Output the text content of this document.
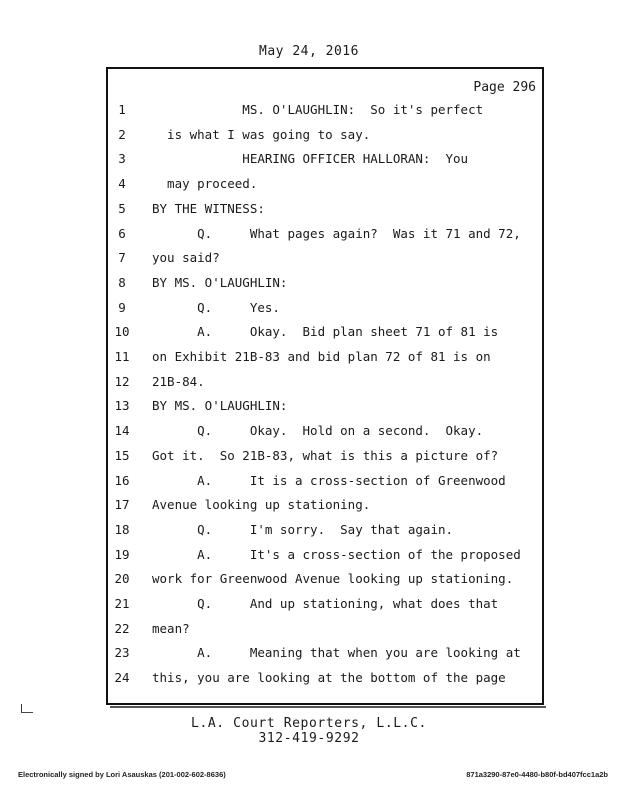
May 24, 2016
Page 296
1
2
3
4
5
6
7
8
9
10
11
12
13
14
15
16
17
18
19
20
21
22
23
24
MS. O'LAUGHLIN:  So it's perfect
is what I was going to say.
HEARING OFFICER HALLORAN:  You
may proceed.
BY THE WITNESS:
Q.     What pages again?  Was it 71 and 72,
you said?
BY MS. O'LAUGHLIN:
Q.     Yes.
A.     Okay.  Bid plan sheet 71 of 81 is
on Exhibit 21B-83 and bid plan 72 of 81 is on
21B-84.
BY MS. O'LAUGHLIN:
Q.     Okay.  Hold on a second.  Okay.
Got it.  So 21B-83, what is this a picture of?
A.     It is a cross-section of Greenwood
Avenue looking up stationing.
Q.     I'm sorry.  Say that again.
A.     It's a cross-section of the proposed
work for Greenwood Avenue looking up stationing.
Q.     And up stationing, what does that
mean?
A.     Meaning that when you are looking at
this, you are looking at the bottom of the page
L.A. Court Reporters, L.L.C.
312-419-9292
Electronically signed by Lori Asauskas (201-002-602-8636)	871a3290-87e0-4480-b80f-bd407fcc1a2b
